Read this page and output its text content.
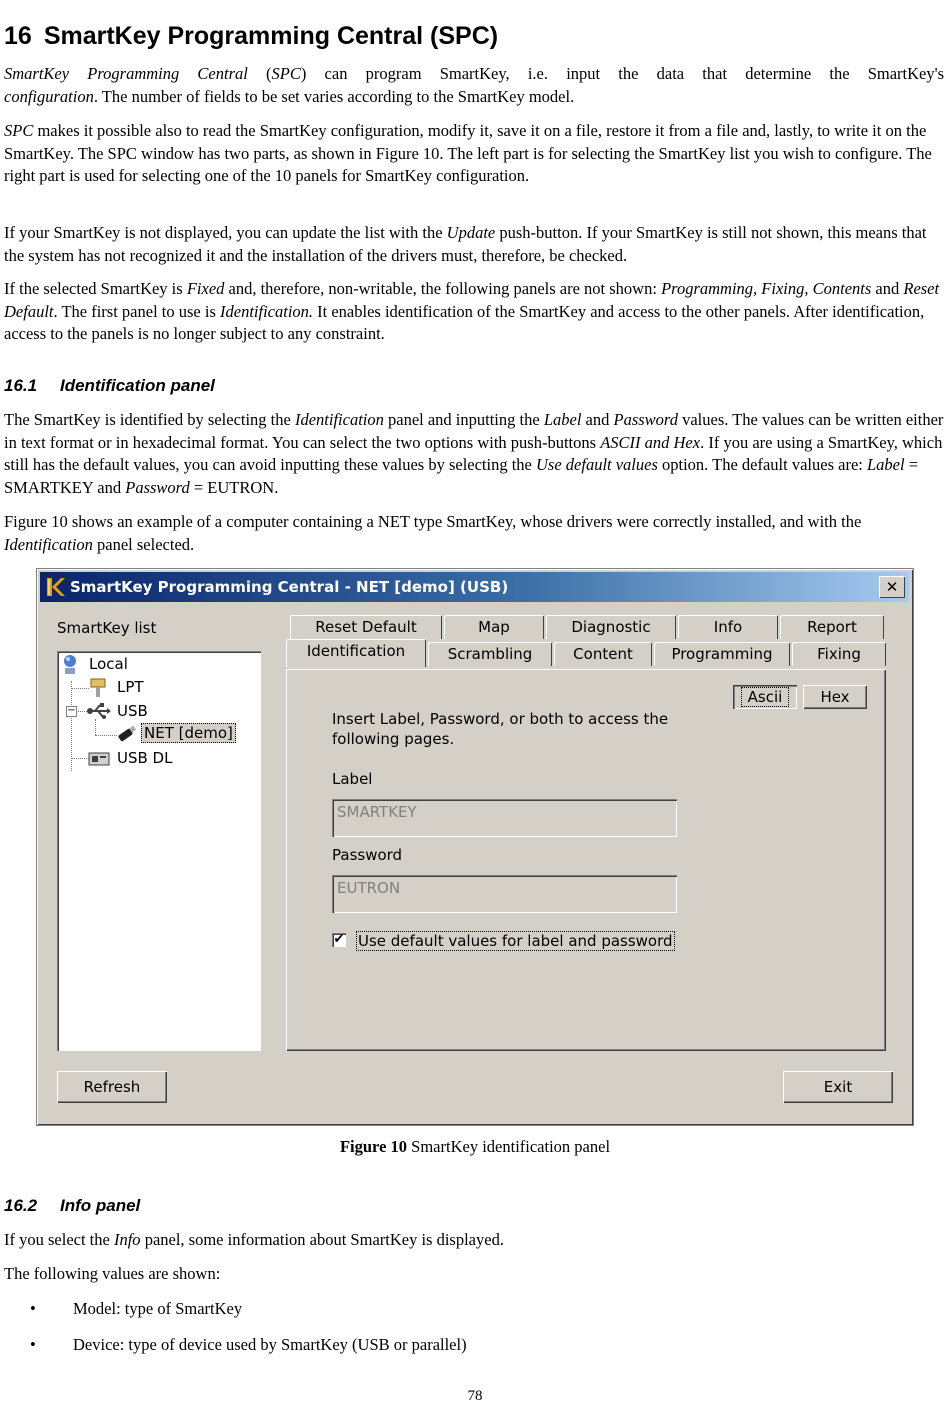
16 SmartKey Programming Central (SPC)

SmartKey Programming Central (SPC) can program SmartKey, i.e. input the data that determine the SmartKey's
configuration. The number of fields to be set varies according to the SmartKey model.

SPC makes it possible also to read the SmartKey configuration, modify it, save it on a file, restore it from a file and, lastly, to write it on the SmartKey. The SPC window has two parts, as shown in Figure 10. The left part is for selecting the SmartKey list you wish to configure. The right part is used for selecting one of the 10 panels for SmartKey configuration.

If your SmartKey is not displayed, you can update the list with the Update push-button. If your SmartKey is still not shown, this means that the system has not recognized it and the installation of the drivers must, therefore, be checked.

If the selected SmartKey is Fixed and, therefore, non-writable, the following panels are not shown: Programming, Fixing, Contents and Reset Default. The first panel to use is Identification. It enables identification of the SmartKey and access to the other panels. After identification, access to the panels is no longer subject to any constraint.

16.1 Identification panel

The SmartKey is identified by selecting the Identification panel and inputting the Label and Password values. The values can be written either in text format or in hexadecimal format. You can select the two options with push-buttons ASCII and Hex. If you are using a SmartKey, which still has the default values, you can avoid inputting these values by selecting the Use default values option. The default values are: Label = SMARTKEY and Password = EUTRON.

Figure 10 shows an example of a computer containing a NET type SmartKey, whose drivers were correctly installed, and with the Identification panel selected.

SmartKey Programming Central - NET [demo] (USB)	✕
SmartKey list
−
Local
LPT
USB
NET [demo]
USB DL
Reset Default	Map	Diagnostic	Info	Report
Identification	Scrambling	Content	Programming	Fixing
Ascii	Hex
Insert Label, Password, or both to access the following pages.
Label
SMARTKEY
Password
EUTRON
✔ Use default values for label and password
Refresh	Exit
Figure 10 SmartKey identification panel
16.2 Info panel

If you select the Info panel, some information about SmartKey is displayed.

The following values are shown:

• Model: type of SmartKey
• Device: type of device used by SmartKey (USB or parallel)
78
